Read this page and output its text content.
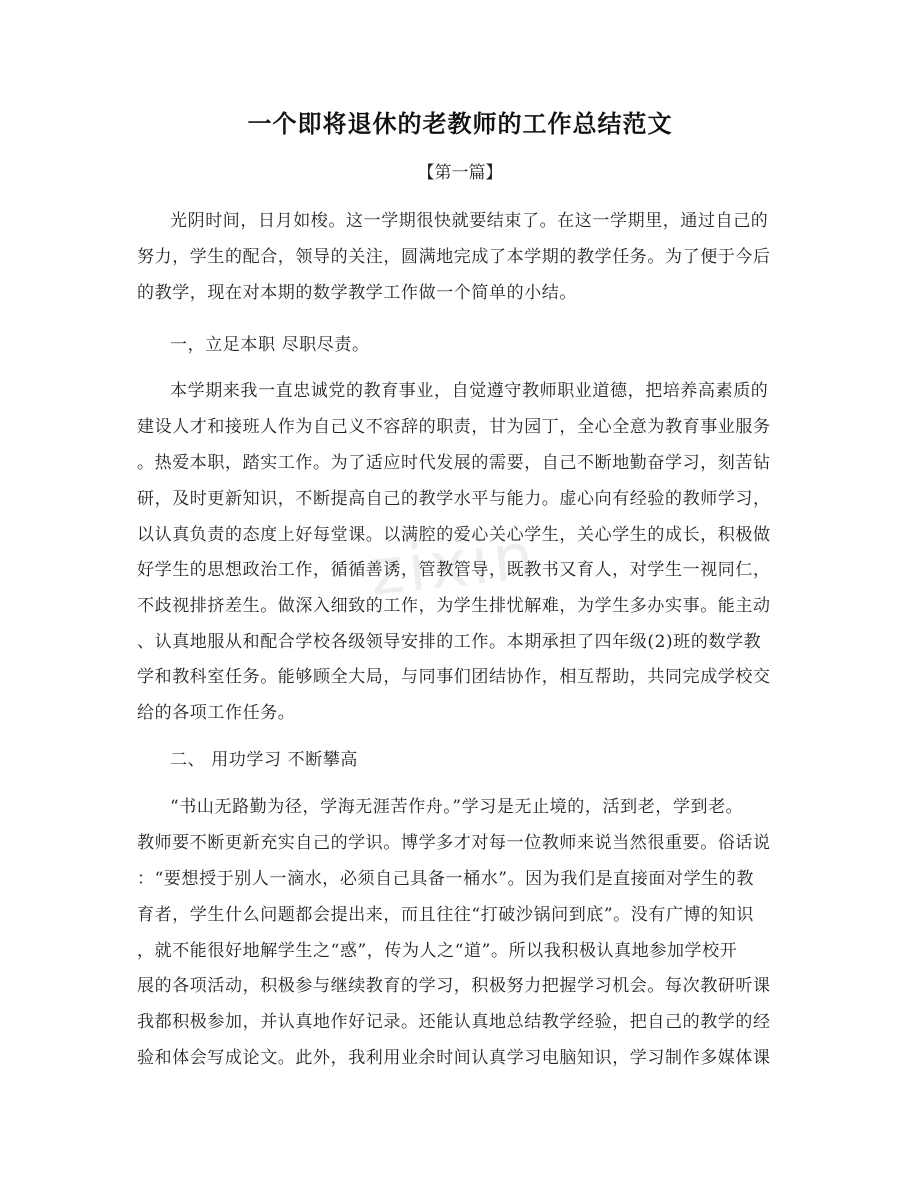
zixin
一个即将退休的老教师的工作总结范文
【第一篇】
光阴时间，日月如梭。这一学期很快就要结束了。在这一学期里，通过自己的
努力，学生的配合，领导的关注，圆满地完成了本学期的教学任务。为了便于今后
的教学，现在对本期的数学教学工作做一个简单的小结。
一，立足本职 尽职尽责。
本学期来我一直忠诚党的教育事业，自觉遵守教师职业道德，把培养高素质的
建设人才和接班人作为自己义不容辞的职责，甘为园丁，全心全意为教育事业服务
。热爱本职，踏实工作。为了适应时代发展的需要，自己不断地勤奋学习，刻苦钻
研，及时更新知识，不断提高自己的教学水平与能力。虚心向有经验的教师学习，
以认真负责的态度上好每堂课。以满腔的爱心关心学生，关心学生的成长，积极做
好学生的思想政治工作，循循善诱，管教管导，既教书又育人，对学生一视同仁，
不歧视排挤差生。做深入细致的工作，为学生排忧解难，为学生多办实事。能主动
、认真地服从和配合学校各级领导安排的工作。本期承担了四年级(2)班的数学教
学和教科室任务。能够顾全大局，与同事们团结协作，相互帮助，共同完成学校交
给的各项工作任务。
二、 用功学习 不断攀高
“书山无路勤为径，学海无涯苦作舟。”学习是无止境的，活到老，学到老。
教师要不断更新充实自己的学识。博学多才对每一位教师来说当然很重要。俗话说
：“要想授于别人一滴水，必须自己具备一桶水”。因为我们是直接面对学生的教
育者，学生什么问题都会提出来，而且往往“打破沙锅问到底”。没有广博的知识
，就不能很好地解学生之“惑”，传为人之“道”。所以我积极认真地参加学校开
展的各项活动，积极参与继续教育的学习，积极努力把握学习机会。每次教研听课
我都积极参加，并认真地作好记录。还能认真地总结教学经验，把自己的教学的经
验和体会写成论文。此外，我利用业余时间认真学习电脑知识，学习制作多媒体课
